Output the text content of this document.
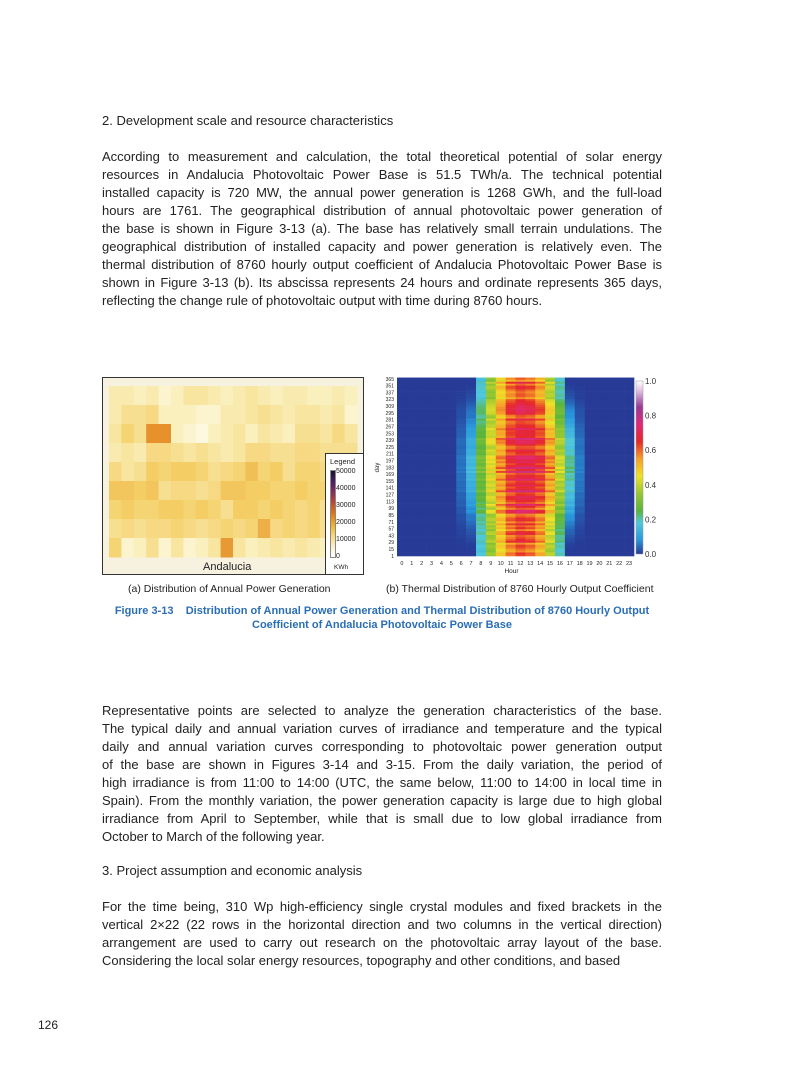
2. Development scale and resource characteristics
According to measurement and calculation, the total theoretical potential of solar energy
resources in Andalucia Photovoltaic Power Base is 51.5 TWh/a. The technical potential
installed capacity is 720 MW, the annual power generation is 1268 GWh, and the full-load
hours are 1761. The geographical distribution of annual photovoltaic power generation of
the base is shown in Figure 3-13 (a). The base has relatively small terrain undulations. The
geographical distribution of installed capacity and power generation is relatively even. The
thermal distribution of 8760 hourly output coefficient of Andalucia Photovoltaic Power Base is
shown in Figure 3-13 (b). Its abscissa represents 24 hours and ordinate represents 365 days,
reflecting the change rule of photovoltaic output with time during 8760 hours.
Andalucia
Legend
50000
40000
30000
20000
10000
0
KWh
1
15
29
43
57
71
85
99
113
127
141
155
169
183
197
211
225
239
253
267
281
295
309
323
337
351
365
0 1 2 3 4 5 6 7 8 9 10 11 12 13 14 15 16 17 18 19 20 21 22 23
Hour
day
1.0
0.8
0.6
0.4
0.2
0.0
(a) Distribution of Annual Power Generation	(b) Thermal Distribution of 8760 Hourly Output Coefficient
Figure 3-13    Distribution of Annual Power Generation and Thermal Distribution of 8760 Hourly Output
Coefficient of Andalucia Photovoltaic Power Base
Representative points are selected to analyze the generation characteristics of the base.
The typical daily and annual variation curves of irradiance and temperature and the typical
daily and annual variation curves corresponding to photovoltaic power generation output
of the base are shown in Figures 3-14 and 3-15. From the daily variation, the period of
high irradiance is from 11:00 to 14:00 (UTC, the same below, 11:00 to 14:00 in local time in
Spain). From the monthly variation, the power generation capacity is large due to high global
irradiance from April to September, while that is small due to low global irradiance from
October to March of the following year.
3. Project assumption and economic analysis
For the time being, 310 Wp high-efficiency single crystal modules and fixed brackets in the
vertical 2×22 (22 rows in the horizontal direction and two columns in the vertical direction)
arrangement are used to carry out research on the photovoltaic array layout of the base.
Considering the local solar energy resources, topography and other conditions, and based
126
